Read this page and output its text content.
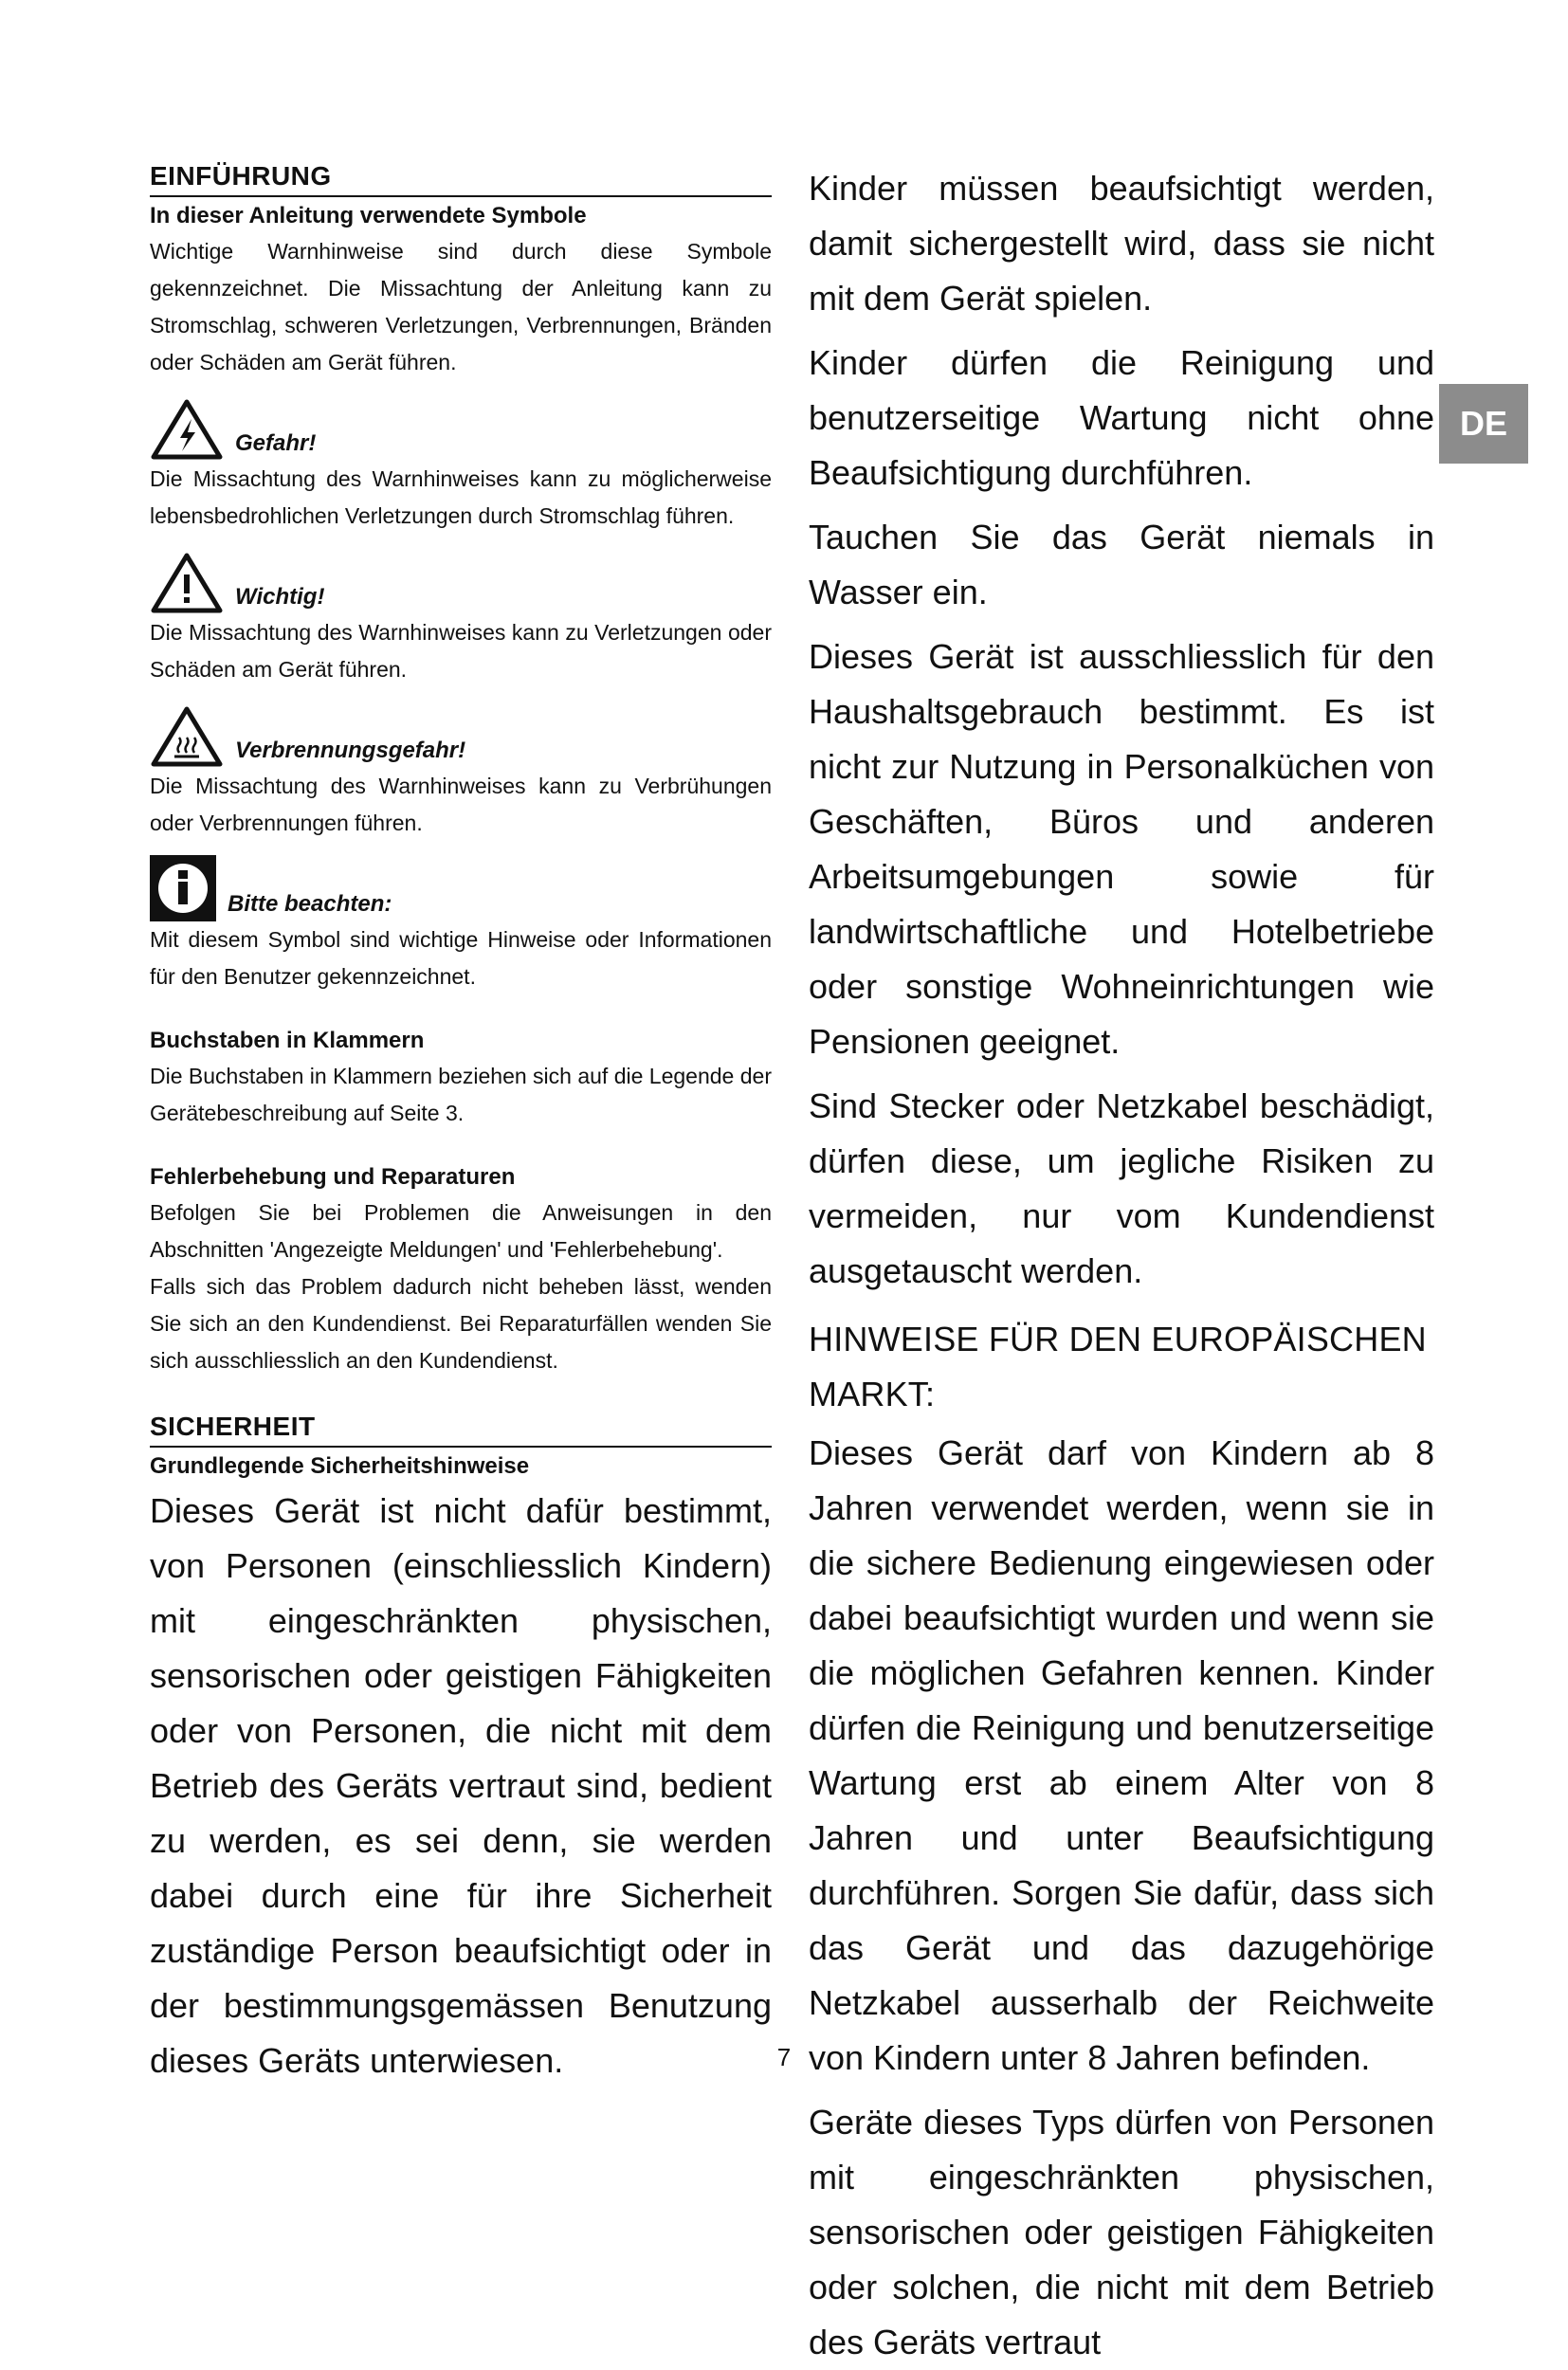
EINFÜHRUNG

In dieser Anleitung verwendete Symbole

Wichtige Warnhinweise sind durch diese Symbole gekennzeichnet. Die Missachtung der Anleitung kann zu Stromschlag, schweren Verletzungen, Verbrennungen, Bränden oder Schäden am Gerät führen.

Gefahr!

Die Missachtung des Warnhinweises kann zu möglicherweise lebensbedrohlichen Verletzungen durch Stromschlag führen.

Wichtig!

Die Missachtung des Warnhinweises kann zu Verletzungen oder Schäden am Gerät führen.

Verbrennungsgefahr!

Die Missachtung des Warnhinweises kann zu Verbrühungen oder Verbrennungen führen.

Bitte beachten:

Mit diesem Symbol sind wichtige Hinweise oder Informationen für den Benutzer gekennzeichnet.

Buchstaben in Klammern

Die Buchstaben in Klammern beziehen sich auf die Legende der Gerätebeschreibung auf Seite 3.

Fehlerbehebung und Reparaturen

Befolgen Sie bei Problemen die Anweisungen in den Abschnitten 'Angezeigte Meldungen' und 'Fehlerbehebung'.

Falls sich das Problem dadurch nicht beheben lässt, wenden Sie sich an den Kundendienst. Bei Reparaturfällen wenden Sie sich ausschliesslich an den Kundendienst.

SICHERHEIT

Grundlegende Sicherheitshinweise

Dieses Gerät ist nicht dafür bestimmt, von Personen (einschliesslich Kindern) mit eingeschränkten physischen, sensorischen oder geistigen Fähigkeiten oder von Personen, die nicht mit dem Betrieb des Geräts vertraut sind, bedient zu werden, es sei denn, sie werden dabei durch eine für ihre Sicherheit zuständige Person beaufsichtigt oder in der bestimmungsgemässen Benutzung dieses Geräts unterwiesen.

Kinder müssen beaufsichtigt werden, damit sichergestellt wird, dass sie nicht mit dem Gerät spielen.

Kinder dürfen die Reinigung und benutzerseitige Wartung nicht ohne Beaufsichtigung durchführen.

Tauchen Sie das Gerät niemals in Wasser ein.

Dieses Gerät ist ausschliesslich für den Haushaltsgebrauch bestimmt. Es ist nicht zur Nutzung in Personalküchen von Geschäften, Büros und anderen Arbeitsumgebungen sowie für landwirtschaftliche und Hotelbetriebe oder sonstige Wohneinrichtungen wie Pensionen geeignet.

Sind Stecker oder Netzkabel beschädigt, dürfen diese, um jegliche Risiken zu vermeiden, nur vom Kundendienst ausgetauscht werden.

HINWEISE FÜR DEN EUROPÄISCHEN MARKT:

Dieses Gerät darf von Kindern ab 8 Jahren verwendet werden, wenn sie in die sichere Bedienung eingewiesen oder dabei beaufsichtigt wurden und wenn sie die möglichen Gefahren kennen. Kinder dürfen die Reinigung und benutzerseitige Wartung erst ab einem Alter von 8 Jahren und unter Beaufsichtigung durchführen. Sorgen Sie dafür, dass sich das Gerät und das dazugehörige Netzkabel ausserhalb der Reichweite von Kindern unter 8 Jahren befinden.

Geräte dieses Typs dürfen von Personen mit eingeschränkten physischen, sensorischen oder geistigen Fähigkeiten oder solchen, die nicht mit dem Betrieb des Geräts vertraut

DE
7
